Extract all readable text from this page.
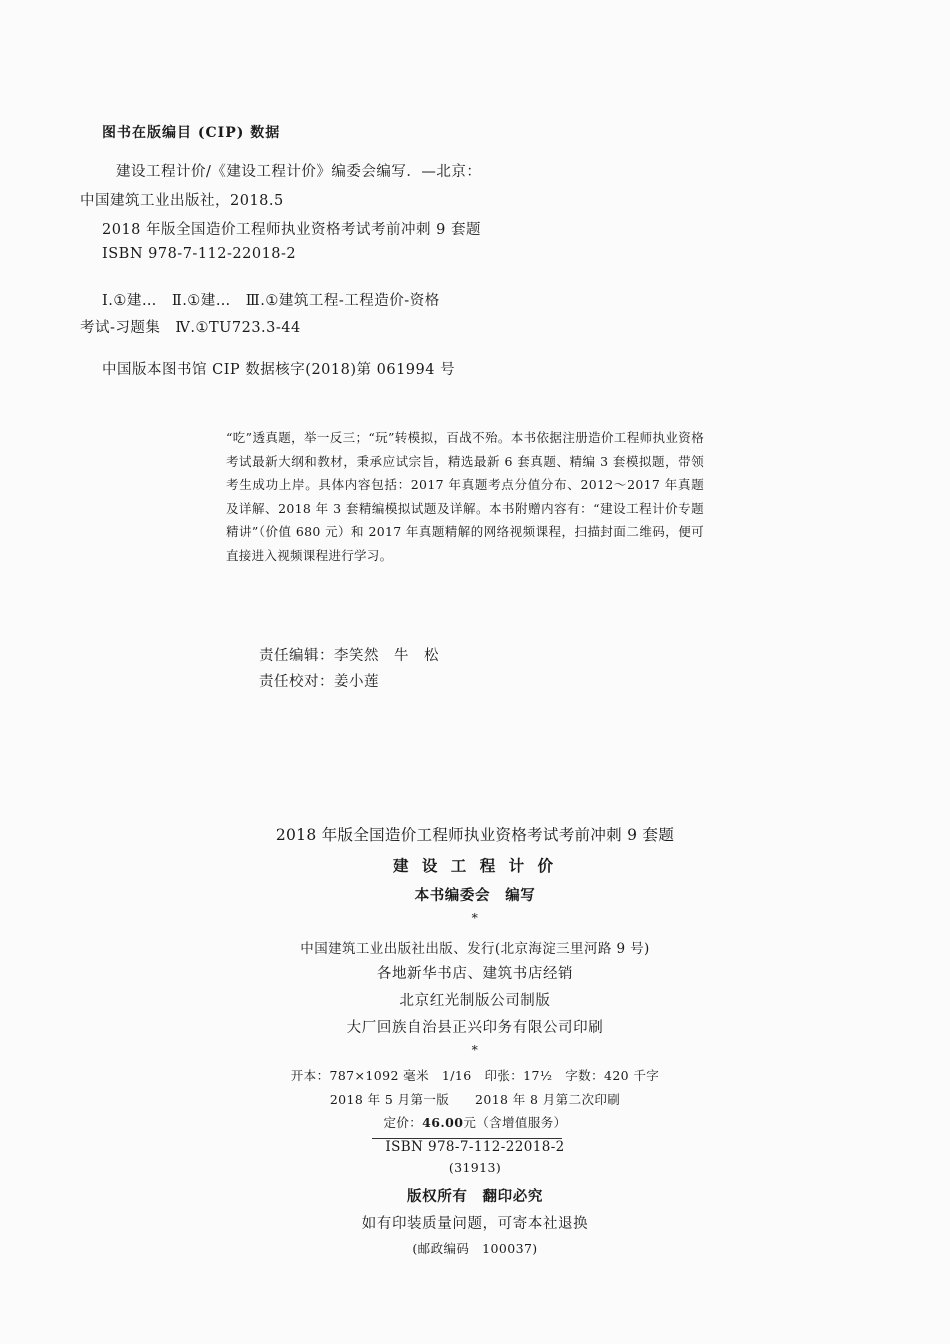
图书在版编目 (CIP) 数据
建设工程计价/《建设工程计价》编委会编写．—北京：
中国建筑工业出版社，2018.5
2018 年版全国造价工程师执业资格考试考前冲刺 9 套题
ISBN 978-7-112-22018-2
Ⅰ.①建…　Ⅱ.①建…　Ⅲ.①建筑工程-工程造价-资格
考试-习题集　Ⅳ.①TU723.3-44
中国版本图书馆 CIP 数据核字(2018)第 061994 号
“吃”透真题，举一反三；“玩”转模拟，百战不殆。本书依据注册造价工程师执业资格考试最新大纲和教材，秉承应试宗旨，精选最新 6 套真题、精编 3 套模拟题，带领考生成功上岸。具体内容包括：2017 年真题考点分值分布、2012～2017 年真题及详解、2018 年 3 套精编模拟试题及详解。本书附赠内容有：“建设工程计价专题精讲”（价值 680 元）和 2017 年真题精解的网络视频课程，扫描封面二维码，便可直接进入视频课程进行学习。
责任编辑：李笑然　牛　松
责任校对：姜小莲
2018 年版全国造价工程师执业资格考试考前冲刺 9 套题
建 设 工 程 计 价
本书编委会　编写
*
中国建筑工业出版社出版、发行(北京海淀三里河路 9 号)
各地新华书店、建筑书店经销
北京红光制版公司制版
大厂回族自治县正兴印务有限公司印刷
*
开本：787×1092 毫米　1/16　印张：17½　字数：420 千字
2018 年 5 月第一版　　2018 年 8 月第二次印刷
定价：46.00元（含增值服务）
ISBN 978-7-112-22018-2
(31913)
版权所有　翻印必究
如有印装质量问题，可寄本社退换
(邮政编码　100037)
